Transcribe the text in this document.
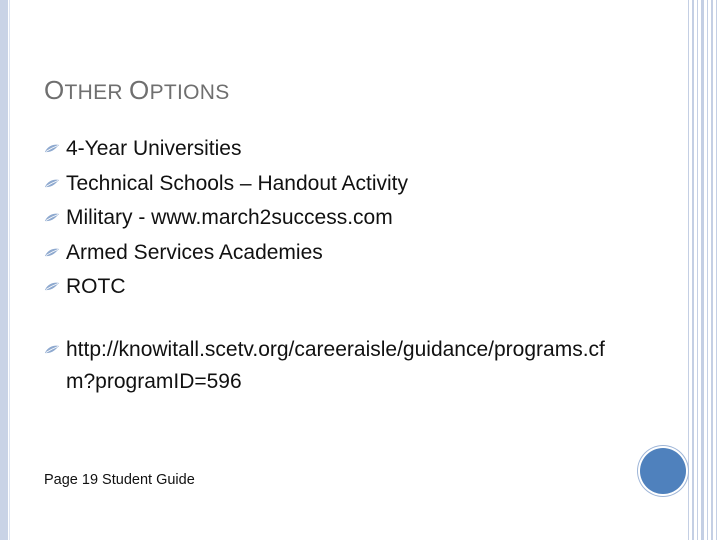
OTHER OPTIONS
4-Year Universities
Technical Schools – Handout Activity
Military - www.march2success.com
Armed Services Academies
ROTC
http://knowitall.scetv.org/careeraisle/guidance/programs.cfm?programID=596
Page 19 Student Guide
